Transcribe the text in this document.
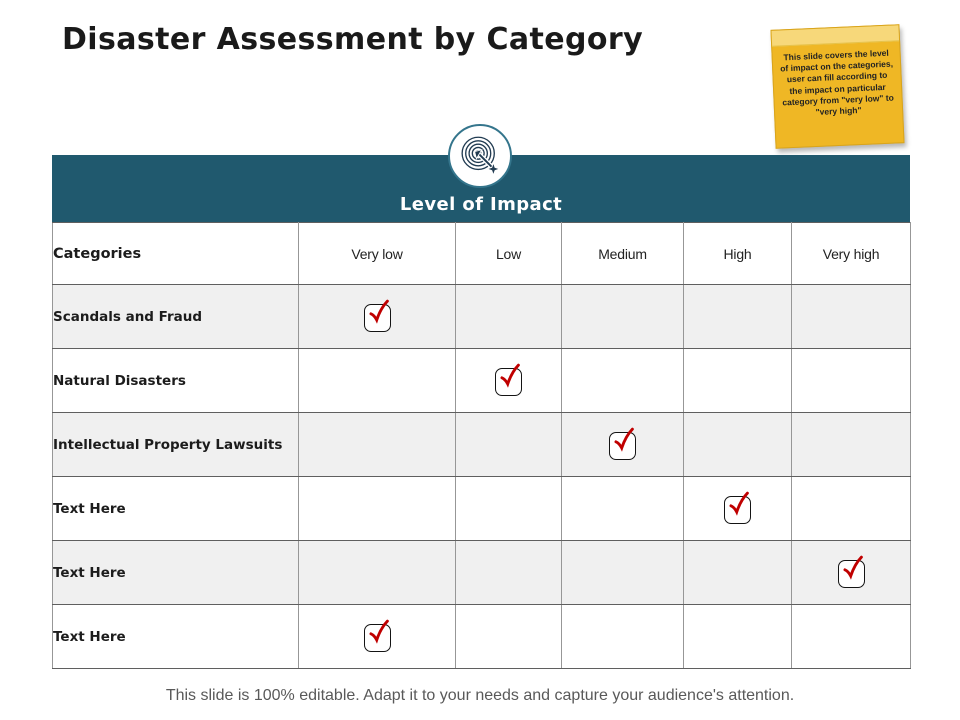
Disaster Assessment by Category	This slide covers the level of impact on the categories, user can fill according to the impact on particular category from "very low" to "very high"
Level of Impact
Categories	Very low	Low	Medium	High	Very high
Scandals and Fraud	

Natural Disasters		

Intellectual Property Lawsuits			

Text Here				

Text Here					

Text Here	

This slide is 100% editable. Adapt it to your needs and capture your audience's attention.
